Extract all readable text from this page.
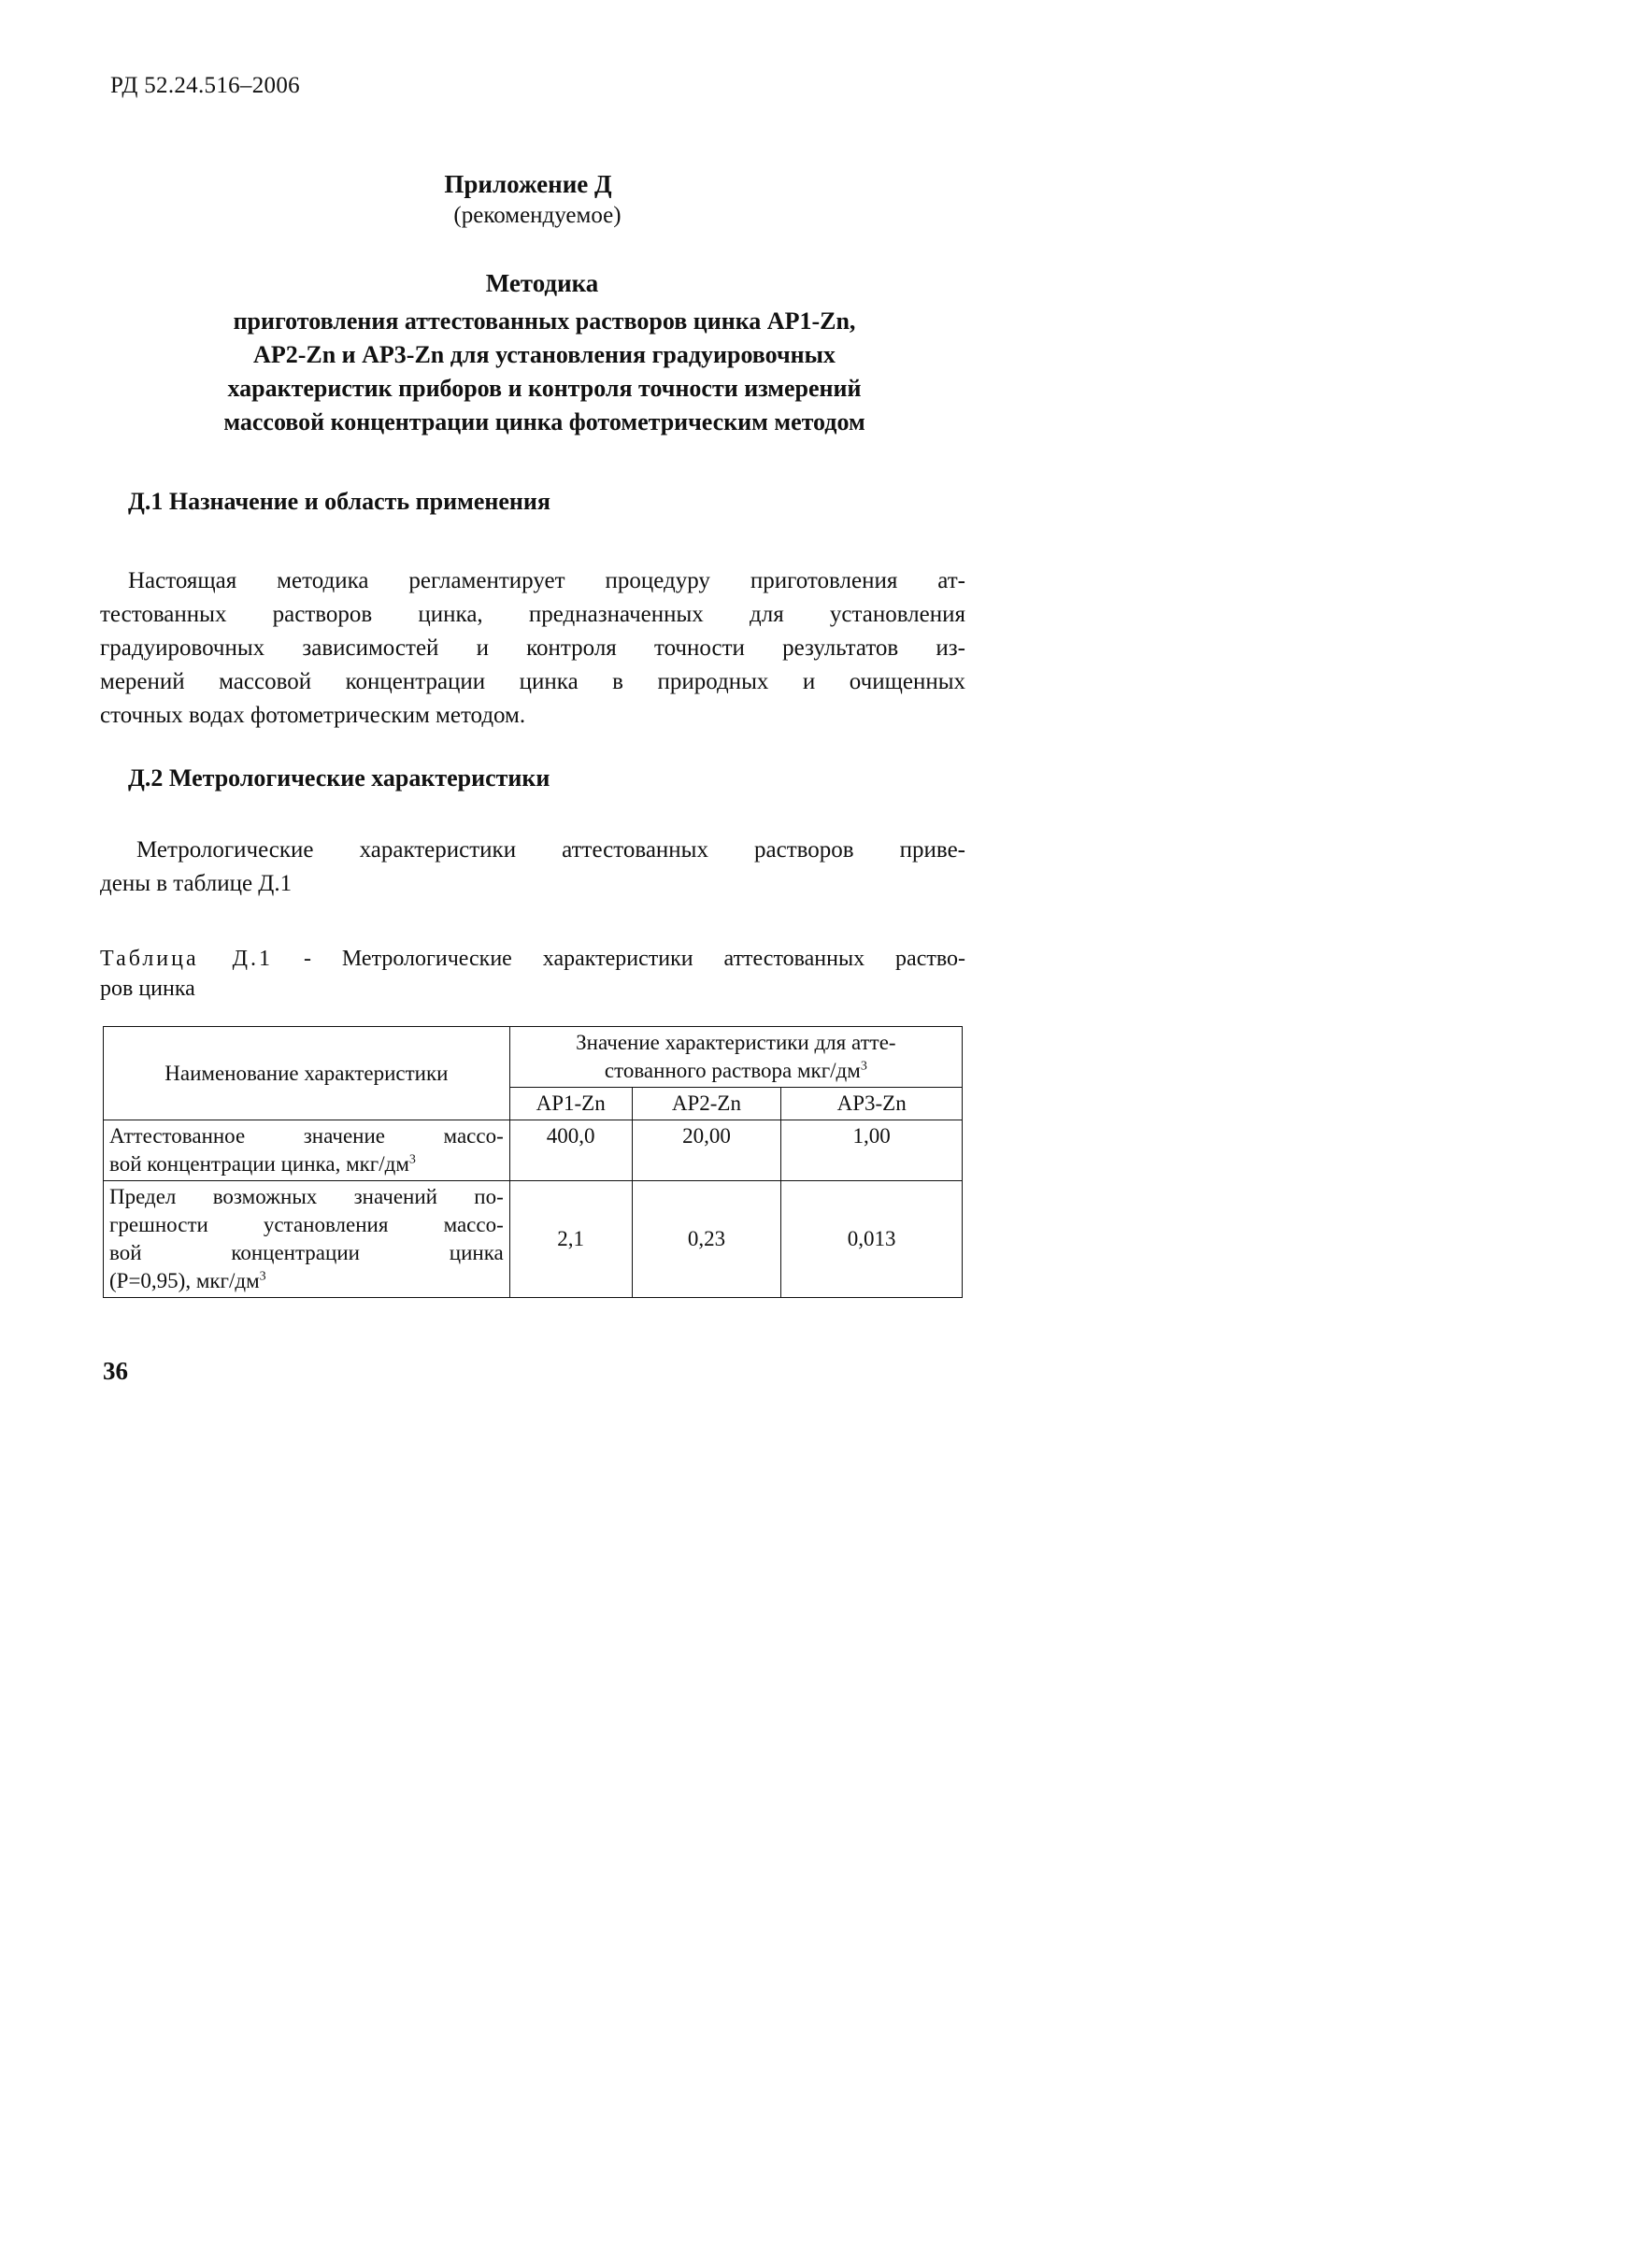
РД 52.24.516–2006
Приложение Д
(рекомендуемое)
Методика
приготовления аттестованных растворов цинка АР1-Zn,
АР2-Zn и АР3-Zn для установления градуировочных
характеристик приборов и контроля точности измерений
массовой концентрации цинка фотометрическим методом
Д.1 Назначение и область применения
Настоящая методика регламентирует процедуру приготовления ат-
тестованных растворов цинка, предназначенных для установления
градуировочных зависимостей и контроля точности результатов из-
мерений массовой концентрации цинка в природных и очищенных
сточных водах фотометрическим методом.
Д.2 Метрологические характеристики
Метрологические характеристики аттестованных растворов приве-
дены в таблице Д.1
Таблица Д.1 - Метрологические характеристики аттестованных раство-
ров цинка
Наименование характеристики	Значение характеристики для атте-
стованного раствора мкг/$дм^3$

	АР1-Zn	АР2-Zn	АР3-Zn

Аттестованное значение массо-
вой концентрации цинка, мкг/$дм^3$	400,0	20,00	1,00

Предел возможных значений по-
грешности установления массо-
вой концентрации цинка
(Р=0,95), мкг/$дм^3$	2,1	0,23	0,013
36
